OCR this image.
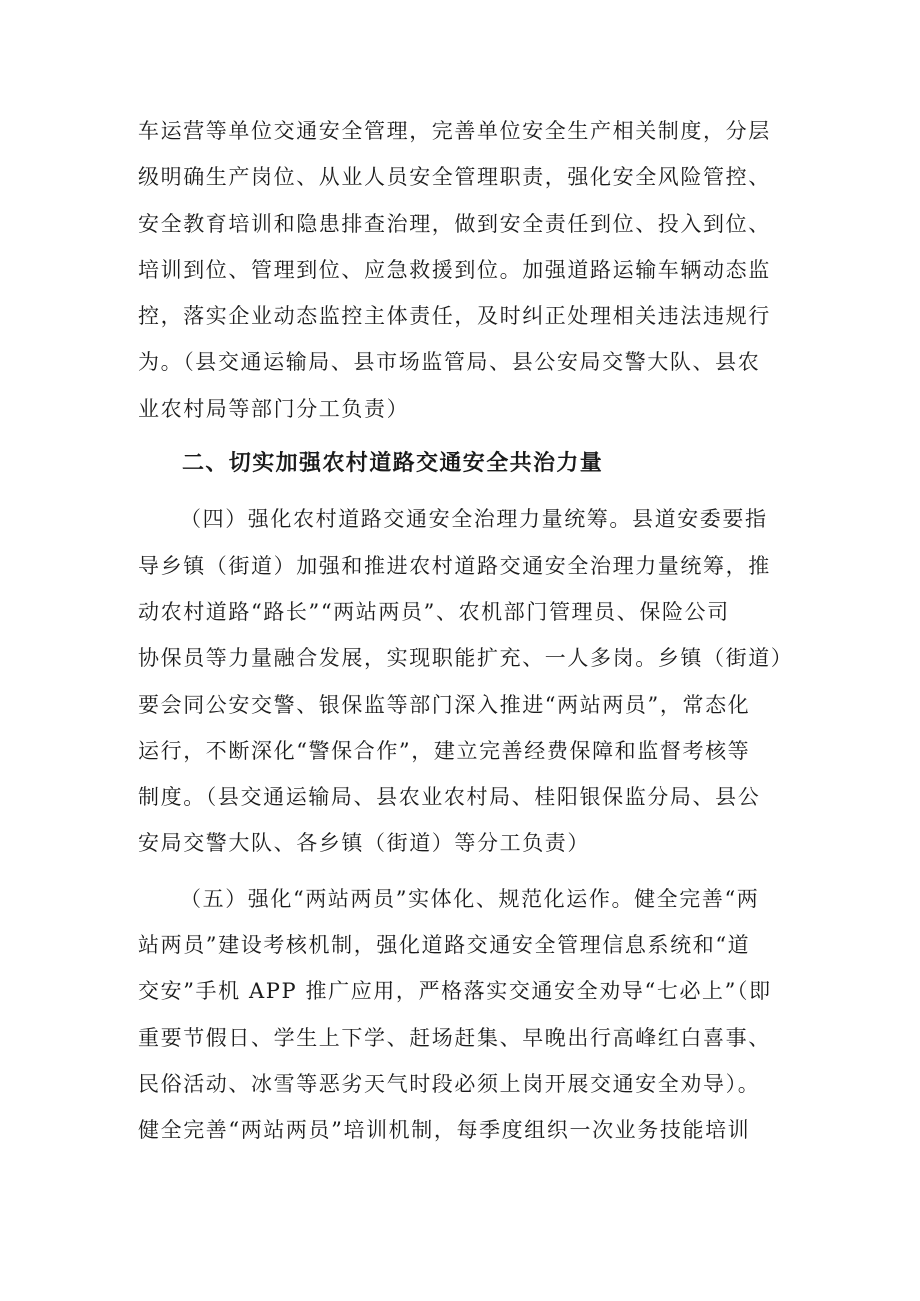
车运营等单位交通安全管理，完善单位安全生产相关制度，分层
级明确生产岗位、从业人员安全管理职责，强化安全风险管控、
安全教育培训和隐患排查治理，做到安全责任到位、投入到位、
培训到位、管理到位、应急救援到位。加强道路运输车辆动态监
控，落实企业动态监控主体责任，及时纠正处理相关违法违规行
为。（县交通运输局、县市场监管局、县公安局交警大队、县农
业农村局等部门分工负责）
二、切实加强农村道路交通安全共治力量
（四）强化农村道路交通安全治理力量统筹。县道安委要指
导乡镇（街道）加强和推进农村道路交通安全治理力量统筹，推
动农村道路“路长”“两站两员”、农机部门管理员、保险公司
协保员等力量融合发展，实现职能扩充、一人多岗。乡镇（街道）
要会同公安交警、银保监等部门深入推进“两站两员”，常态化
运行，不断深化“警保合作”，建立完善经费保障和监督考核等
制度。（县交通运输局、县农业农村局、桂阳银保监分局、县公
安局交警大队、各乡镇（街道）等分工负责）
（五）强化“两站两员”实体化、规范化运作。健全完善“两
站两员”建设考核机制，强化道路交通安全管理信息系统和“道
交安”手机 APP 推广应用，严格落实交通安全劝导“七必上”（即
重要节假日、学生上下学、赶场赶集、早晚出行高峰红白喜事、
民俗活动、冰雪等恶劣天气时段必须上岗开展交通安全劝导）。
健全完善“两站两员”培训机制，每季度组织一次业务技能培训
